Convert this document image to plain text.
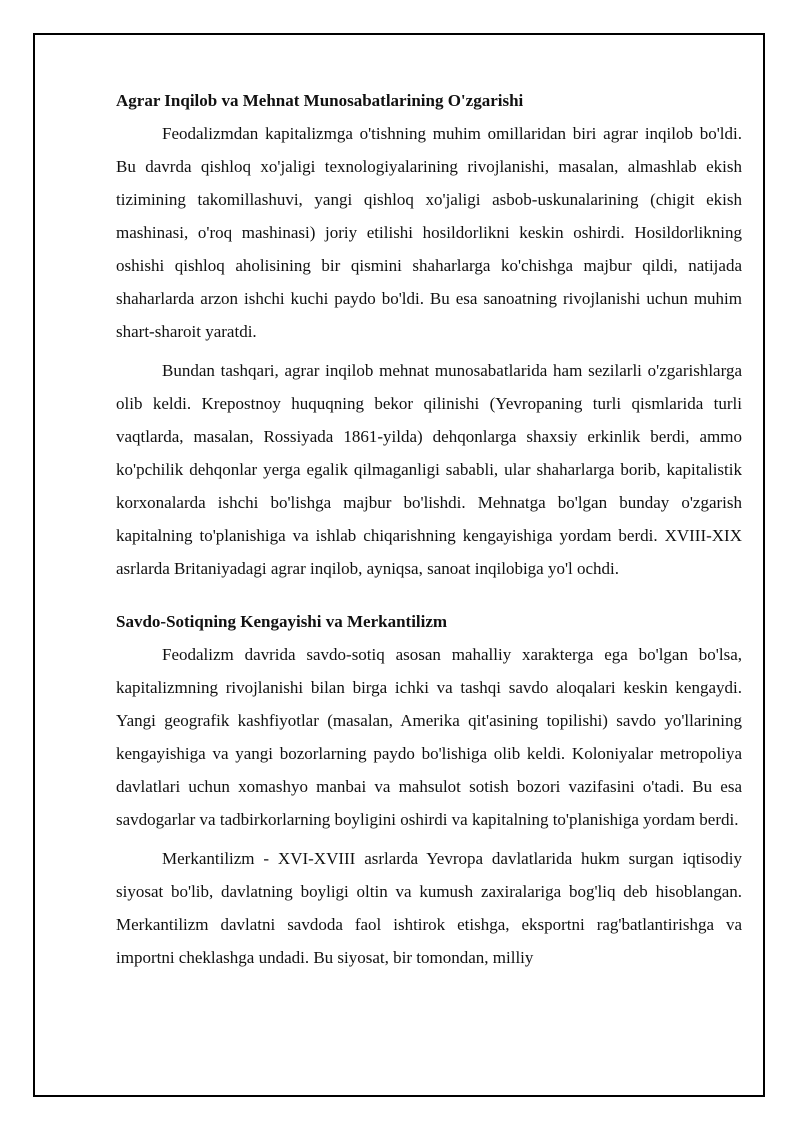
Agrar Inqilob va Mehnat Munosabatlarining O'zgarishi

Feodalizmdan kapitalizmga o'tishning muhim omillaridan biri agrar inqilob bo'ldi. Bu davrda qishloq xo'jaligi texnologiyalarining rivojlanishi, masalan, almashlab ekish tizimining takomillashuvi, yangi qishloq xo'jaligi asbob-uskunalarining (chigit ekish mashinasi, o'roq mashinasi) joriy etilishi hosildorlikni keskin oshirdi. Hosildorlikning oshishi qishloq aholisining bir qismini shaharlarga ko'chishga majbur qildi, natijada shaharlarda arzon ishchi kuchi paydo bo'ldi. Bu esa sanoatning rivojlanishi uchun muhim shart-sharoit yaratdi.

Bundan tashqari, agrar inqilob mehnat munosabatlarida ham sezilarli o'zgarishlarga olib keldi. Krepostnoy huquqning bekor qilinishi (Yevropaning turli qismlarida turli vaqtlarda, masalan, Rossiyada 1861-yilda) dehqonlarga shaxsiy erkinlik berdi, ammo ko'pchilik dehqonlar yerga egalik qilmaganligi sababli, ular shaharlarga borib, kapitalistik korxonalarda ishchi bo'lishga majbur bo'lishdi. Mehnatga bo'lgan bunday o'zgarish kapitalning to'planishiga va ishlab chiqarishning kengayishiga yordam berdi. XVIII-XIX asrlarda Britaniyadagi agrar inqilob, ayniqsa, sanoat inqilobiga yo'l ochdi.

Savdo-Sotiqning Kengayishi va Merkantilizm

Feodalizm davrida savdo-sotiq asosan mahalliy xarakterga ega bo'lgan bo'lsa, kapitalizmning rivojlanishi bilan birga ichki va tashqi savdo aloqalari keskin kengaydi. Yangi geografik kashfiyotlar (masalan, Amerika qit'asining topilishi) savdo yo'llarining kengayishiga va yangi bozorlarning paydo bo'lishiga olib keldi. Koloniyalar metropoliya davlatlari uchun xomashyo manbai va mahsulot sotish bozori vazifasini o'tadi. Bu esa savdogarlar va tadbirkorlarning boyligini oshirdi va kapitalning to'planishiga yordam berdi.

Merkantilizm - XVI-XVIII asrlarda Yevropa davlatlarida hukm surgan iqtisodiy siyosat bo'lib, davlatning boyligi oltin va kumush zaxiralariga bog'liq deb hisoblangan. Merkantilizm davlatni savdoda faol ishtirok etishga, eksportni rag'batlantirishga va importni cheklashga undadi. Bu siyosat, bir tomondan, milliy
